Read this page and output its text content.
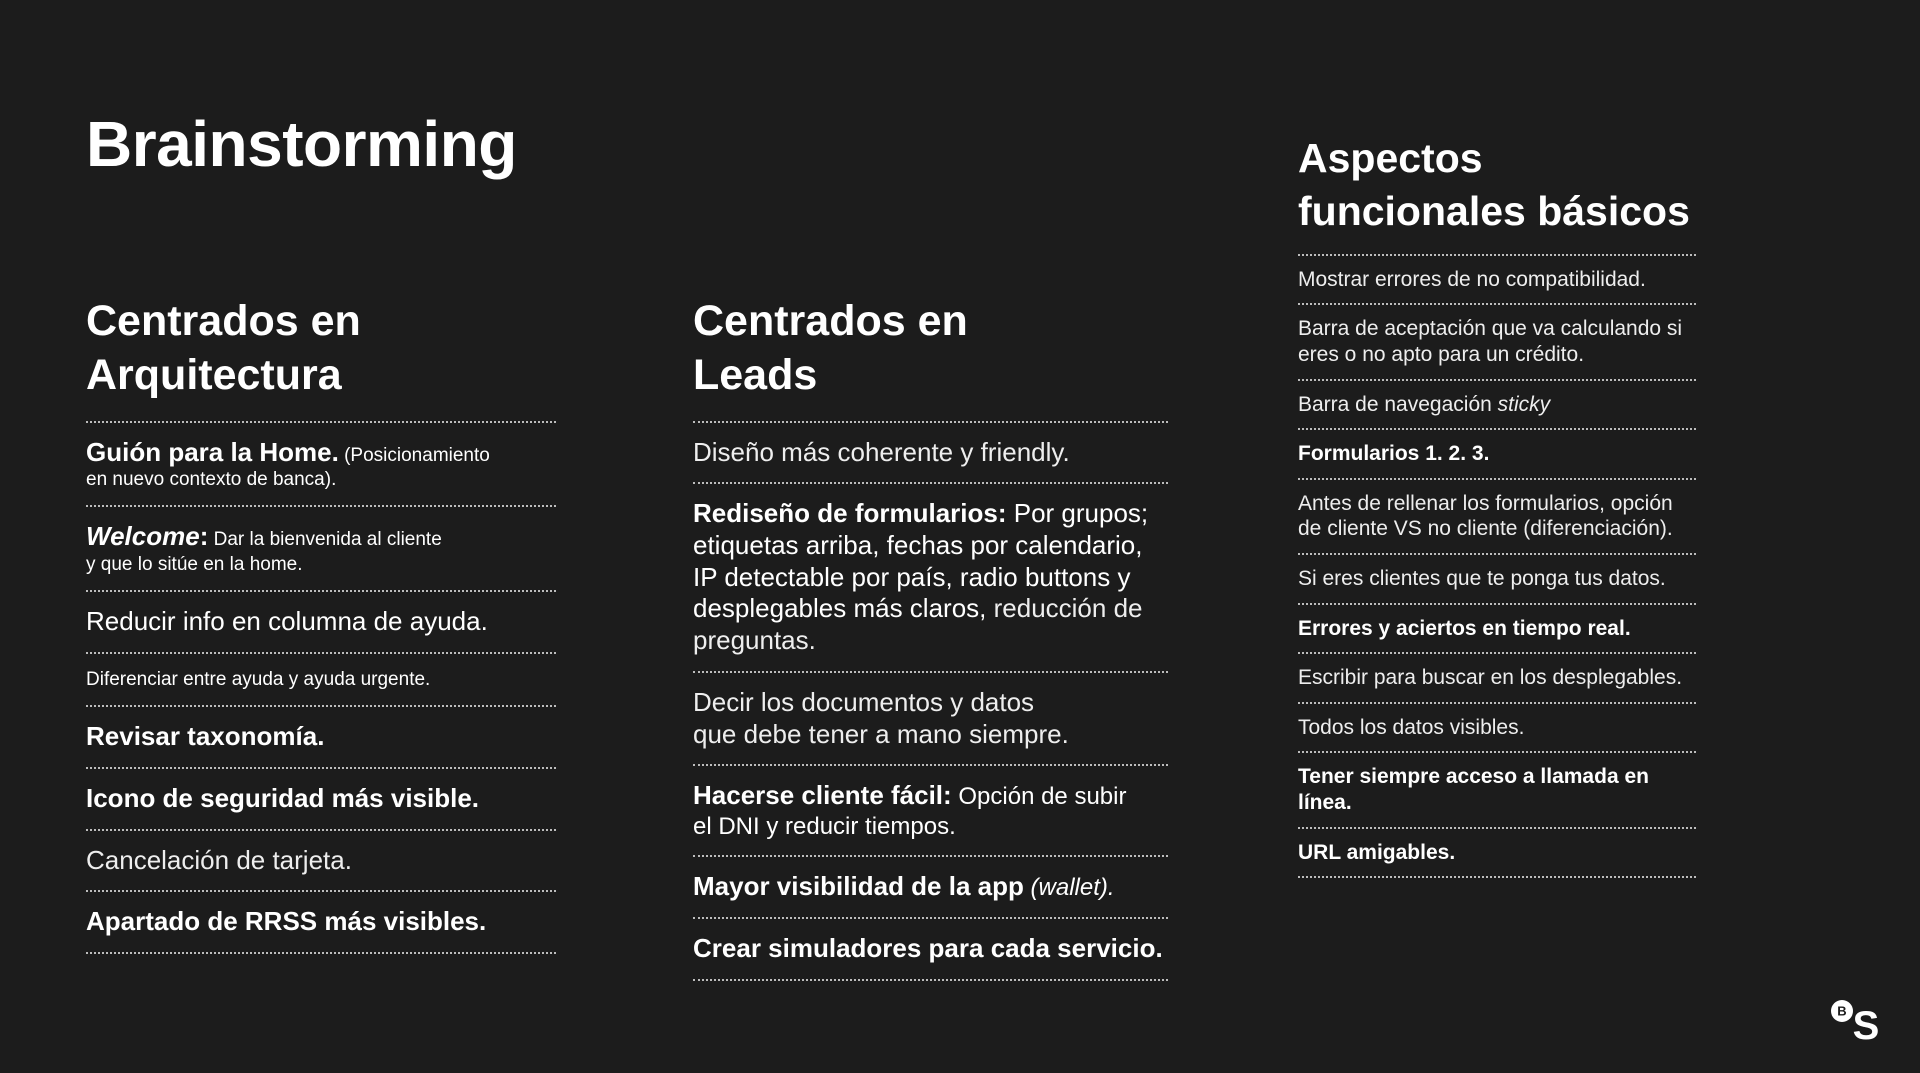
Brainstorming
Centrados en
Arquitectura
Guión para la Home. (Posicionamiento
en nuevo contexto de banca).
Welcome: Dar la bienvenida al cliente
y que lo sitúe en la home.
Reducir info en columna de ayuda.
Diferenciar entre ayuda y ayuda urgente.
Revisar taxonomía.
Icono de seguridad más visible.
Cancelación de tarjeta.
Apartado de RRSS más visibles.
Centrados en
Leads
Diseño más coherente y friendly.
Rediseño de formularios: Por grupos; etiquetas arriba, fechas por calendario, IP detectable por país, radio buttons y desplegables más claros, reducción de preguntas.
Decir los documentos y datos
que debe tener a mano siempre.
Hacerse cliente fácil: Opción de subir
el DNI y reducir tiempos.
Mayor visibilidad de la app (wallet).
Crear simuladores para cada servicio.
Aspectos
funcionales básicos
Mostrar errores de no compatibilidad.
Barra de aceptación que va calculando si eres o no apto para un crédito.
Barra de navegación sticky
Formularios 1. 2. 3.
Antes de rellenar los formularios, opción de cliente VS no cliente (diferenciación).
Si eres clientes que te ponga tus datos.
Errores y aciertos en tiempo real.
Escribir para buscar en los desplegables.
Todos los datos visibles.
Tener siempre acceso a llamada en línea.
URL amigables.
B S
